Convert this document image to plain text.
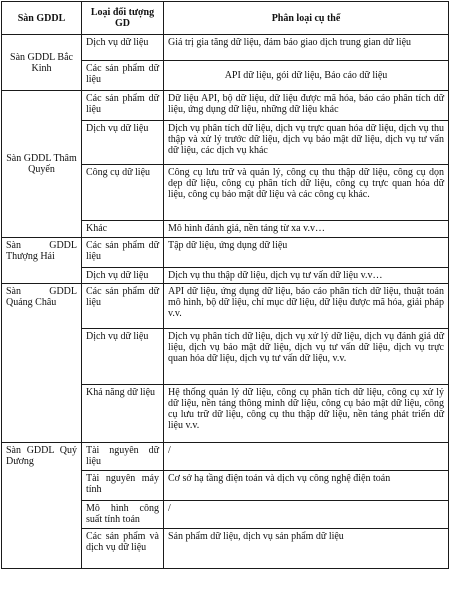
Sàn GDDL	Loại đối tượng GD	Phân loại cụ thể
Sàn GDDL Bắc Kinh	Dịch vụ dữ liệu	Giá trị gia tăng dữ liệu, đảm bảo giao dịch trung gian dữ liệu
	Các sản phẩm dữ liệu	API dữ liệu, gói dữ liệu, Báo cáo dữ liệu
Sàn GDDL Thâm Quyến	Các sản phẩm dữ liệu	Dữ liệu API, bộ dữ liệu, dữ liệu được mã hóa, báo cáo phân tích dữ liệu, ứng dụng dữ liệu, những dữ liệu khác
	Dịch vụ dữ liệu	Dịch vụ phân tích dữ liệu, dịch vụ trực quan hóa dữ liệu, dịch vụ thu thập và xử lý trước dữ liệu, dịch vụ bảo mật dữ liệu, dịch vụ tư vấn dữ liệu, các dịch vụ khác
	Công cụ dữ liệu	Công cụ lưu trữ và quản lý, công cụ thu thập dữ liệu, công cụ dọn dẹp dữ liệu, công cụ phân tích dữ liệu, công cụ trực quan hóa dữ liệu, công cụ bảo mật dữ liệu và các công cụ khác.
	Khác	Mô hình đánh giá, nền tảng từ xa v.v…
Sàn GDDL Thượng Hải	Các sản phẩm dữ liệu	Tập dữ liệu, ứng dụng dữ liệu
	Dịch vụ dữ liệu	Dịch vụ thu thập dữ liệu, dịch vụ tư vấn dữ liệu v.v…
Sàn GDDL Quảng Châu	Các sản phẩm dữ liệu	API dữ liệu, ứng dụng dữ liệu, báo cáo phân tích dữ liệu, thuật toán mô hình, bộ dữ liệu, chỉ mục dữ liệu, dữ liệu được mã hóa, giải pháp v.v.
	Dịch vụ dữ liệu	Dịch vụ phân tích dữ liệu, dịch vụ xử lý dữ liệu, dịch vụ đánh giá dữ liệu, dịch vụ bảo mật dữ liệu, dịch vụ tư vấn dữ liệu, dịch vụ trực quan hóa dữ liệu, dịch vụ tư vấn dữ liệu, v.v.
	Khả năng dữ liệu	Hệ thống quản lý dữ liệu, công cụ phân tích dữ liệu, công cụ xử lý dữ liệu, nền tảng thông minh dữ liệu, công cụ bảo mật dữ liệu, công cụ lưu trữ dữ liệu, công cụ thu thập dữ liệu, nền tảng phát triển dữ liệu v.v.
Sàn GDDL Quý Dương	Tài nguyên dữ liệu	/
	Tài nguyên máy tính	Cơ sở hạ tầng điện toán và dịch vụ công nghệ điện toán
	Mô hình công suất tính toán	/
	Các sản phẩm và dịch vụ dữ liệu	Sản phẩm dữ liệu, dịch vụ sản phẩm dữ liệu
